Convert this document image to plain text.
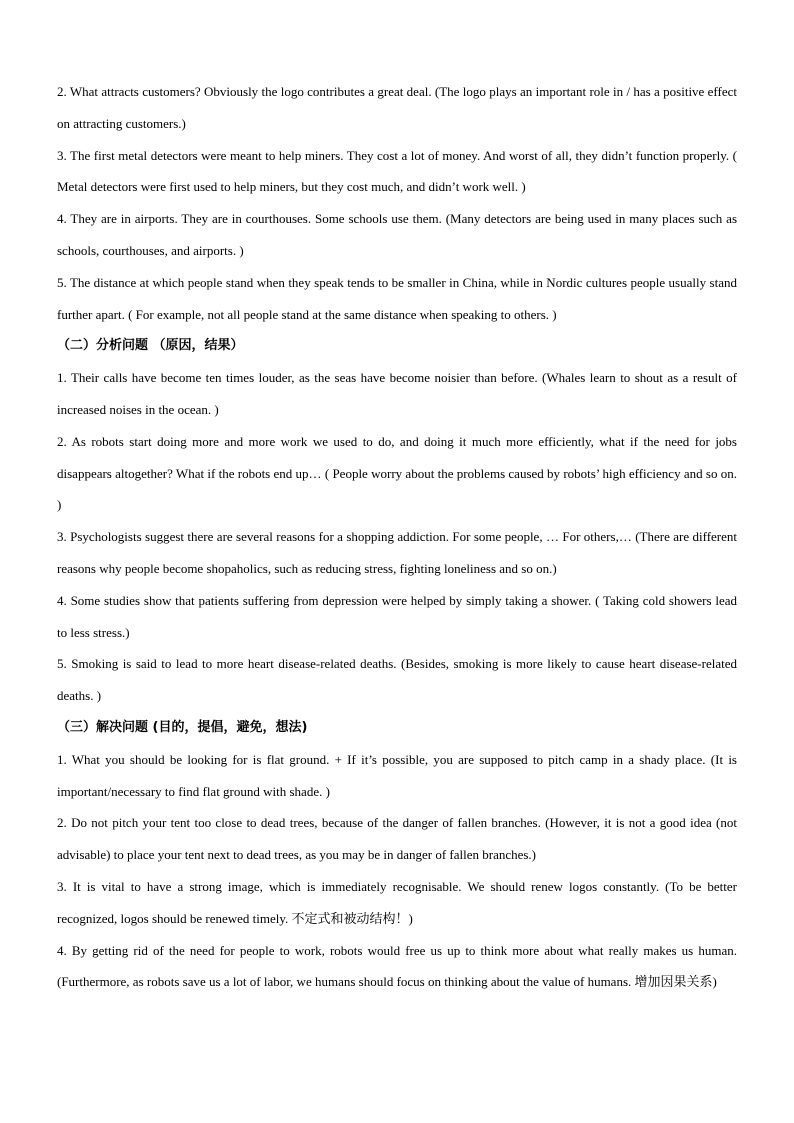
2. What attracts customers? Obviously the logo contributes a great deal. (The logo plays an important role in / has a positive effect on attracting customers.)

3. The first metal detectors were meant to help miners. They cost a lot of money. And worst of all, they didn’t function properly. ( Metal detectors were first used to help miners, but they cost much, and didn’t work well. )

4. They are in airports. They are in courthouses. Some schools use them. (Many detectors are being used in many places such as schools, courthouses, and airports. )

5. The distance at which people stand when they speak tends to be smaller in China, while in Nordic cultures people usually stand further apart. ( For example, not all people stand at the same distance when speaking to others. )

（二）分析问题 （原因，结果）

1. Their calls have become ten times louder, as the seas have become noisier than before. (Whales learn to shout as a result of increased noises in the ocean. )

2. As robots start doing more and more work we used to do, and doing it much more efficiently, what if the need for jobs disappears altogether? What if the robots end up… ( People worry about the problems caused by robots’ high efficiency and so on. )

3. Psychologists suggest there are several reasons for a shopping addiction. For some people, … For others,… (There are different reasons why people become shopaholics, such as reducing stress, fighting loneliness and so on.)

4. Some studies show that patients suffering from depression were helped by simply taking a shower. ( Taking cold showers lead to less stress.)

5. Smoking is said to lead to more heart disease-related deaths. (Besides, smoking is more likely to cause heart disease-related deaths. )

（三）解决问题 (目的，提倡，避免，想法)

1. What you should be looking for is flat ground. + If it’s possible, you are supposed to pitch camp in a shady place. (It is important/necessary to find flat ground with shade. )

2. Do not pitch your tent too close to dead trees, because of the danger of fallen branches. (However, it is not a good idea (not advisable) to place your tent next to dead trees, as you may be in danger of fallen branches.)

3. It is vital to have a strong image, which is immediately recognisable. We should renew logos constantly. (To be better recognized, logos should be renewed timely. 不定式和被动结构！)

4. By getting rid of the need for people to work, robots would free us up to think more about what really makes us human. (Furthermore, as robots save us a lot of labor, we humans should focus on thinking about the value of humans. 增加因果关系)
